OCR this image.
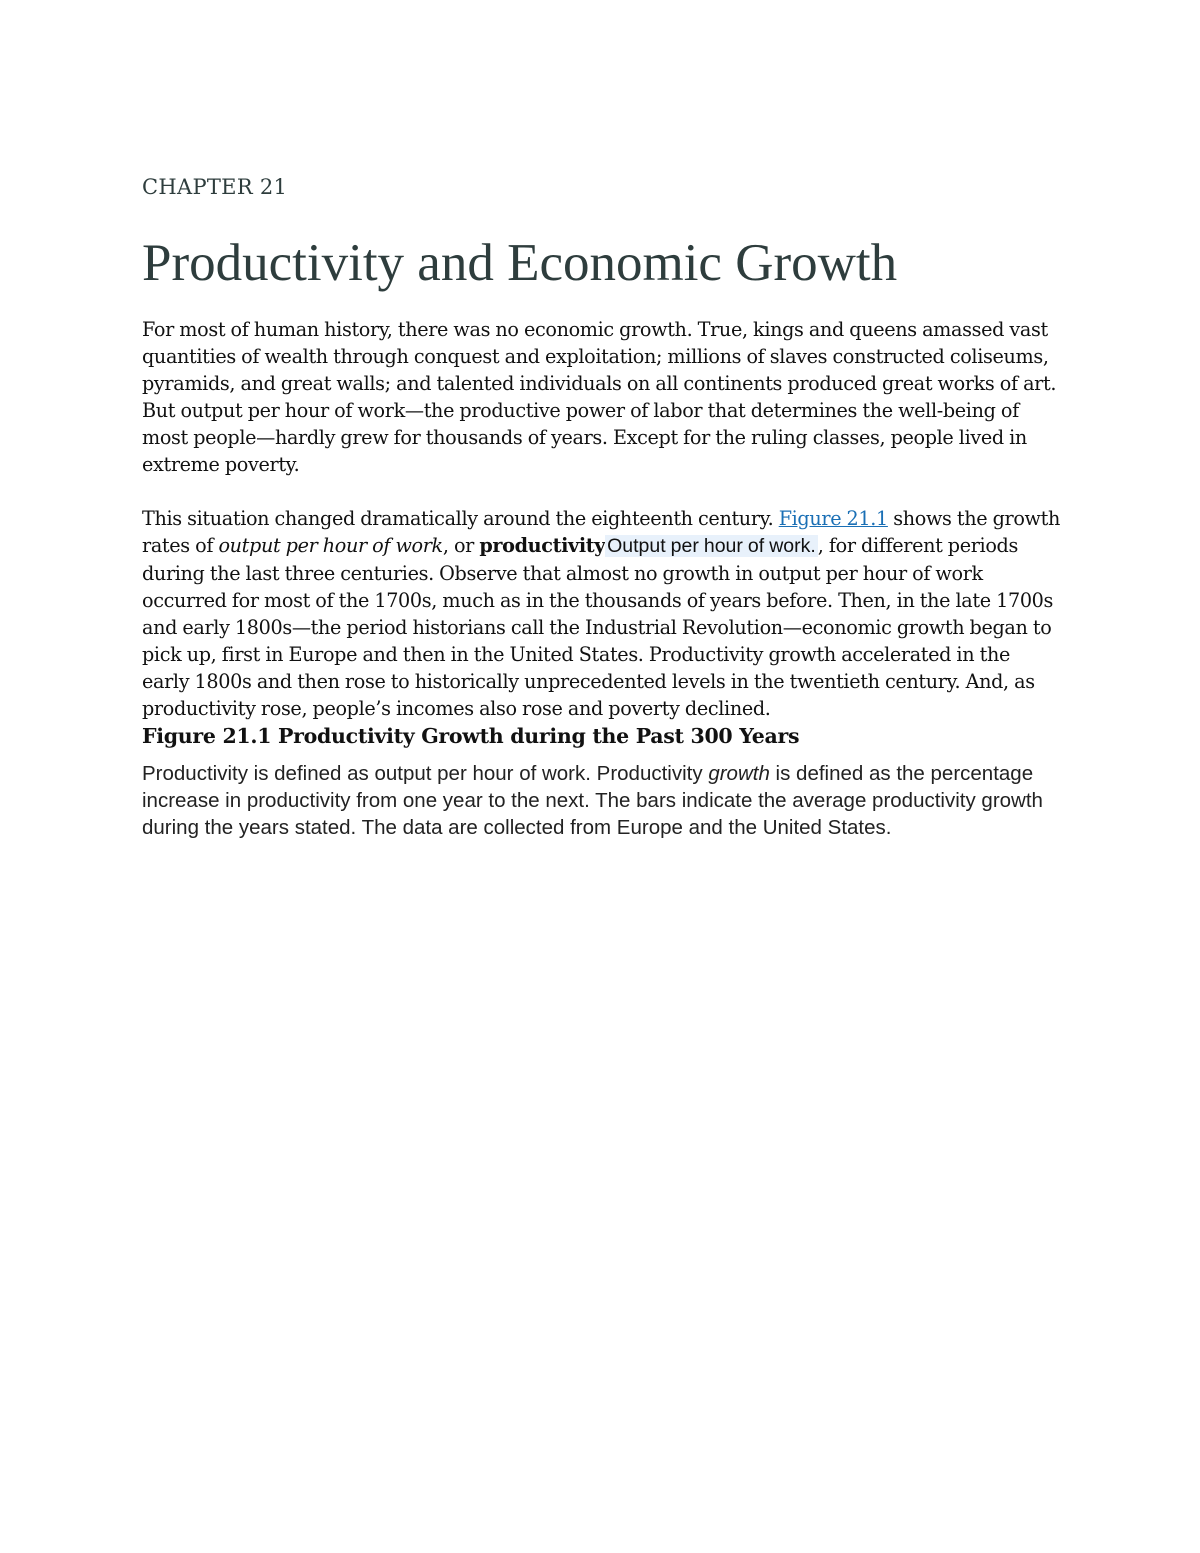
CHAPTER 21

Productivity and Economic Growth

For most of human history, there was no economic growth. True, kings and queens amassed vast quantities of wealth through conquest and exploitation; millions of slaves constructed coliseums, pyramids, and great walls; and talented individuals on all continents produced great works of art. But output per hour of work—the productive power of labor that determines the well-being of most people—hardly grew for thousands of years. Except for the ruling classes, people lived in extreme poverty.

This situation changed dramatically around the eighteenth century. Figure 21.1 shows the growth rates of output per hour of work, or productivity Output per hour of work. , for different periods during the last three centuries. Observe that almost no growth in output per hour of work occurred for most of the 1700s, much as in the thousands of years before. Then, in the late 1700s and early 1800s—the period historians call the Industrial Revolution—economic growth began to pick up, first in Europe and then in the United States. Productivity growth accelerated in the early 1800s and then rose to historically unprecedented levels in the twentieth century. And, as productivity rose, people’s incomes also rose and poverty declined.

Figure 21.1 Productivity Growth during the Past 300 Years

Productivity is defined as output per hour of work. Productivity growth is defined as the percentage increase in productivity from one year to the next. The bars indicate the average productivity growth during the years stated. The data are collected from Europe and the United States.
